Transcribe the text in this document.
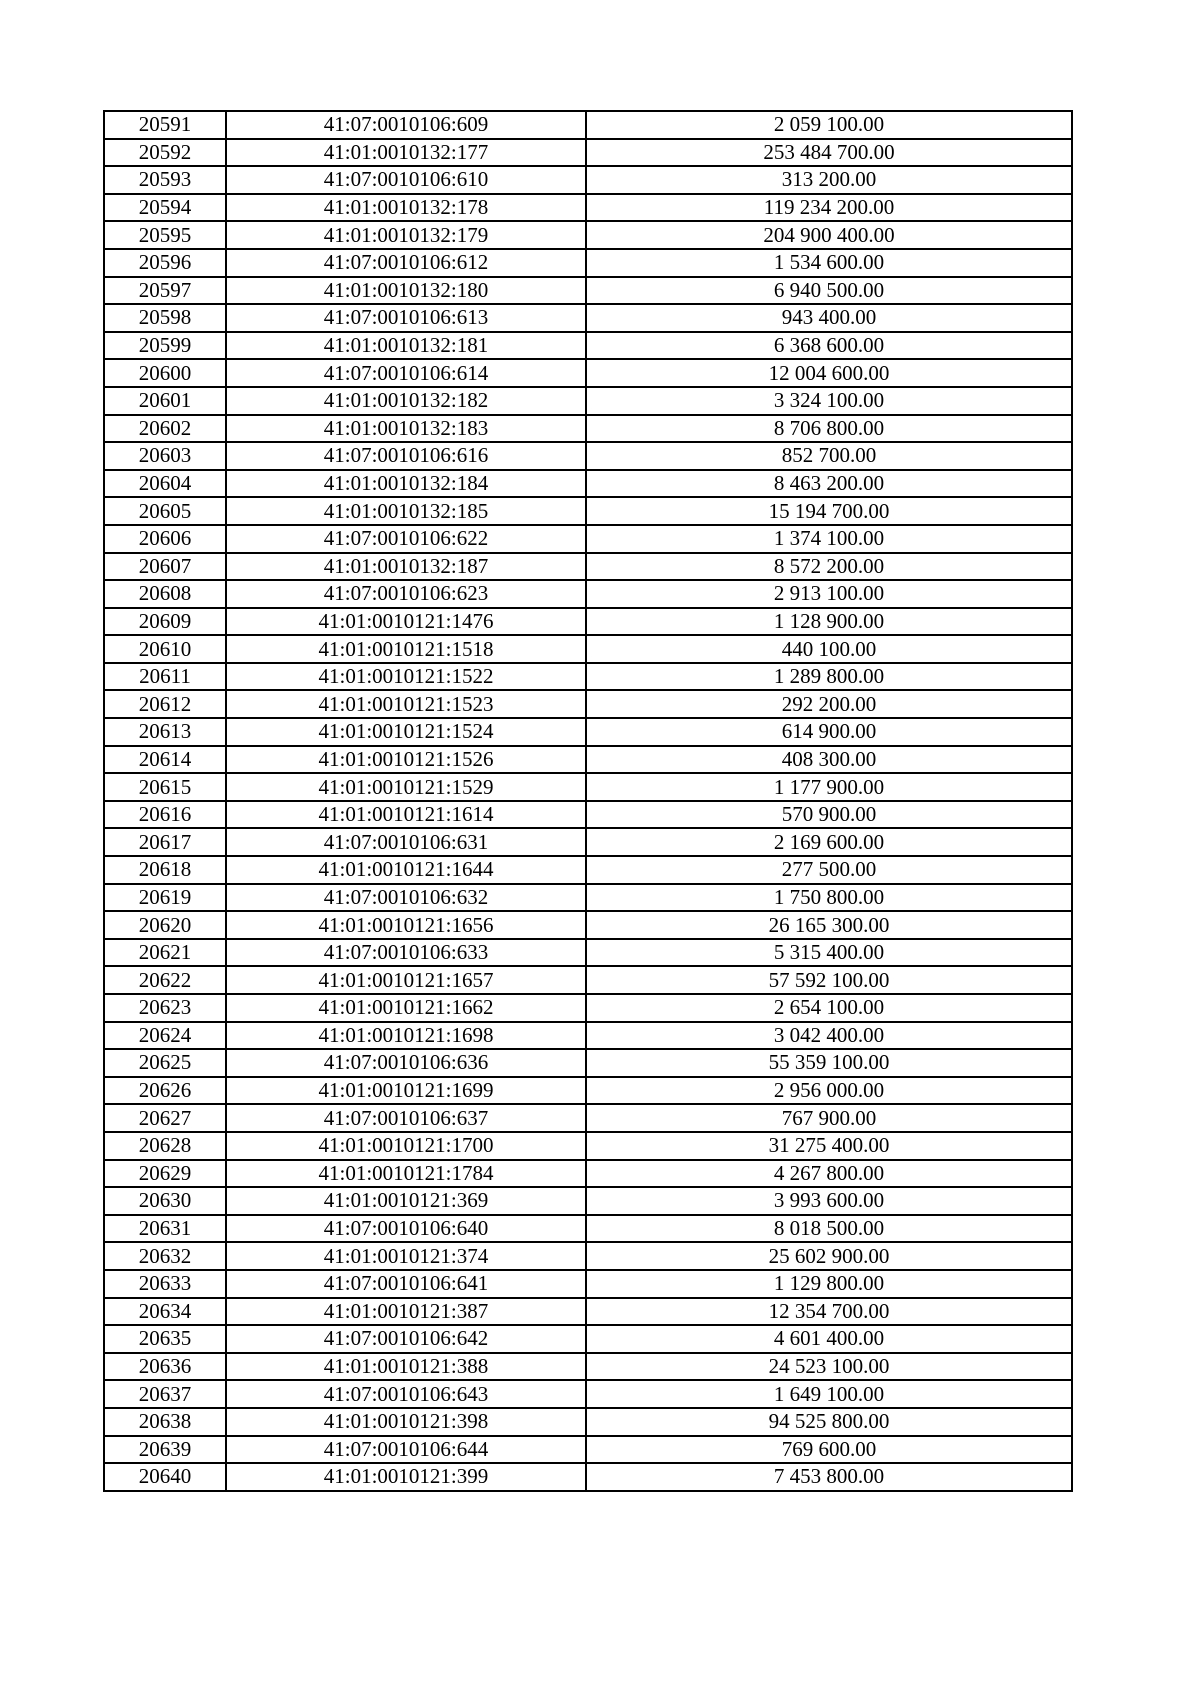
20591	41:07:0010106:609	2 059 100.00
20592	41:01:0010132:177	253 484 700.00
20593	41:07:0010106:610	313 200.00
20594	41:01:0010132:178	119 234 200.00
20595	41:01:0010132:179	204 900 400.00
20596	41:07:0010106:612	1 534 600.00
20597	41:01:0010132:180	6 940 500.00
20598	41:07:0010106:613	943 400.00
20599	41:01:0010132:181	6 368 600.00
20600	41:07:0010106:614	12 004 600.00
20601	41:01:0010132:182	3 324 100.00
20602	41:01:0010132:183	8 706 800.00
20603	41:07:0010106:616	852 700.00
20604	41:01:0010132:184	8 463 200.00
20605	41:01:0010132:185	15 194 700.00
20606	41:07:0010106:622	1 374 100.00
20607	41:01:0010132:187	8 572 200.00
20608	41:07:0010106:623	2 913 100.00
20609	41:01:0010121:1476	1 128 900.00
20610	41:01:0010121:1518	440 100.00
20611	41:01:0010121:1522	1 289 800.00
20612	41:01:0010121:1523	292 200.00
20613	41:01:0010121:1524	614 900.00
20614	41:01:0010121:1526	408 300.00
20615	41:01:0010121:1529	1 177 900.00
20616	41:01:0010121:1614	570 900.00
20617	41:07:0010106:631	2 169 600.00
20618	41:01:0010121:1644	277 500.00
20619	41:07:0010106:632	1 750 800.00
20620	41:01:0010121:1656	26 165 300.00
20621	41:07:0010106:633	5 315 400.00
20622	41:01:0010121:1657	57 592 100.00
20623	41:01:0010121:1662	2 654 100.00
20624	41:01:0010121:1698	3 042 400.00
20625	41:07:0010106:636	55 359 100.00
20626	41:01:0010121:1699	2 956 000.00
20627	41:07:0010106:637	767 900.00
20628	41:01:0010121:1700	31 275 400.00
20629	41:01:0010121:1784	4 267 800.00
20630	41:01:0010121:369	3 993 600.00
20631	41:07:0010106:640	8 018 500.00
20632	41:01:0010121:374	25 602 900.00
20633	41:07:0010106:641	1 129 800.00
20634	41:01:0010121:387	12 354 700.00
20635	41:07:0010106:642	4 601 400.00
20636	41:01:0010121:388	24 523 100.00
20637	41:07:0010106:643	1 649 100.00
20638	41:01:0010121:398	94 525 800.00
20639	41:07:0010106:644	769 600.00
20640	41:01:0010121:399	7 453 800.00
